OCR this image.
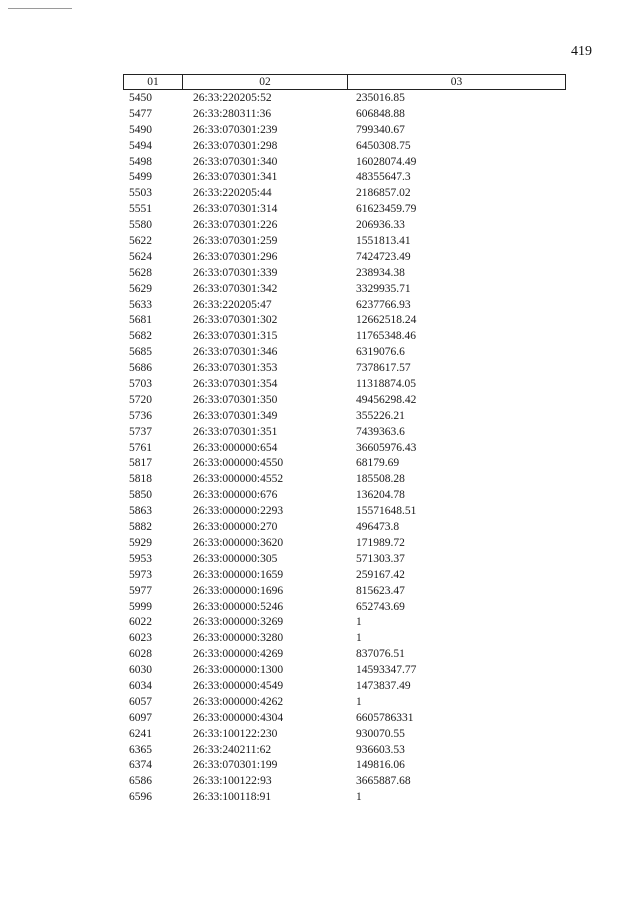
419
01	02	03
5450	26:33:220205:52	235016.85
5477	26:33:280311:36	606848.88
5490	26:33:070301:239	799340.67
5494	26:33:070301:298	6450308.75
5498	26:33:070301:340	16028074.49
5499	26:33:070301:341	48355647.3
5503	26:33:220205:44	2186857.02
5551	26:33:070301:314	61623459.79
5580	26:33:070301:226	206936.33
5622	26:33:070301:259	1551813.41
5624	26:33:070301:296	7424723.49
5628	26:33:070301:339	238934.38
5629	26:33:070301:342	3329935.71
5633	26:33:220205:47	6237766.93
5681	26:33:070301:302	12662518.24
5682	26:33:070301:315	11765348.46
5685	26:33:070301:346	6319076.6
5686	26:33:070301:353	7378617.57
5703	26:33:070301:354	11318874.05
5720	26:33:070301:350	49456298.42
5736	26:33:070301:349	355226.21
5737	26:33:070301:351	7439363.6
5761	26:33:000000:654	36605976.43
5817	26:33:000000:4550	68179.69
5818	26:33:000000:4552	185508.28
5850	26:33:000000:676	136204.78
5863	26:33:000000:2293	15571648.51
5882	26:33:000000:270	496473.8
5929	26:33:000000:3620	171989.72
5953	26:33:000000:305	571303.37
5973	26:33:000000:1659	259167.42
5977	26:33:000000:1696	815623.47
5999	26:33:000000:5246	652743.69
6022	26:33:000000:3269	1
6023	26:33:000000:3280	1
6028	26:33:000000:4269	837076.51
6030	26:33:000000:1300	14593347.77
6034	26:33:000000:4549	1473837.49
6057	26:33:000000:4262	1
6097	26:33:000000:4304	6605786331
6241	26:33:100122:230	930070.55
6365	26:33:240211:62	936603.53
6374	26:33:070301:199	149816.06
6586	26:33:100122:93	3665887.68
6596	26:33:100118:91	1
